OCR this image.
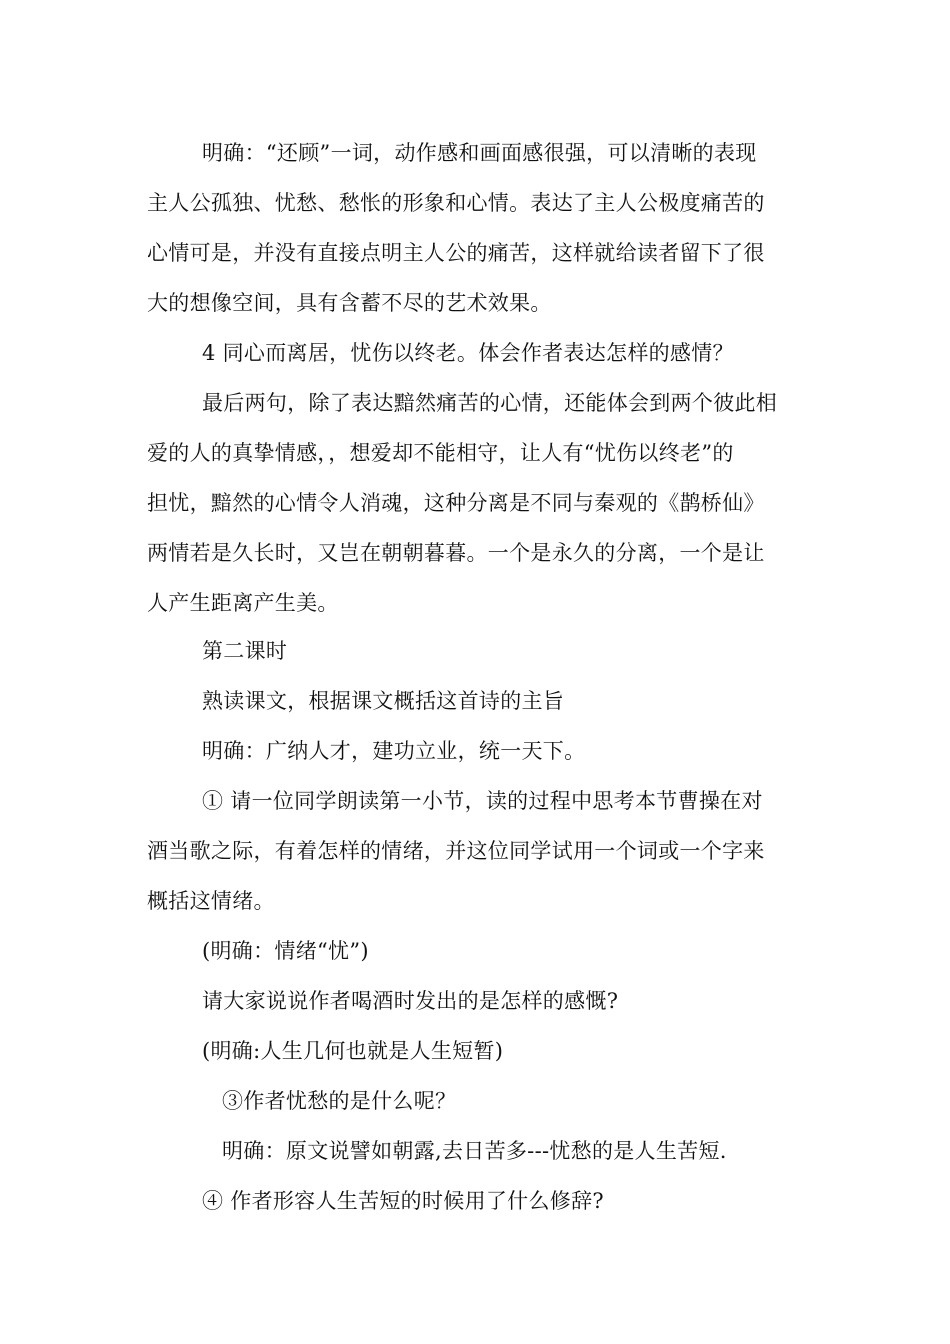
明确：“还顾”一词，动作感和画面感很强，可以清晰的表现
主人公孤独、忧愁、愁怅的形象和心情。表达了主人公极度痛苦的
心情可是，并没有直接点明主人公的痛苦，这样就给读者留下了很
大的想像空间，具有含蓄不尽的艺术效果。
4 同心而离居，忧伤以终老。体会作者表达怎样的感情？
最后两句，除了表达黯然痛苦的心情，还能体会到两个彼此相
爱的人的真挚情感，，想爱却不能相守，让人有“忧伤以终老”的
担忧，黯然的心情令人消魂，这种分离是不同与秦观的《鹊桥仙》
两情若是久长时，又岂在朝朝暮暮。一个是永久的分离，一个是让
人产生距离产生美。
第二课时
熟读课文，根据课文概括这首诗的主旨
明确：广纳人才，建功立业，统一天下。
① 请一位同学朗读第一小节，读的过程中思考本节曹操在对
酒当歌之际，有着怎样的情绪，并这位同学试用一个词或一个字来
概括这情绪。
(明确：情绪“忧”)
请大家说说作者喝酒时发出的是怎样的感慨?
(明确:人生几何也就是人生短暂)
③作者忧愁的是什么呢？
明确：原文说譬如朝露,去日苦多---忧愁的是人生苦短.
④ 作者形容人生苦短的时候用了什么修辞?
